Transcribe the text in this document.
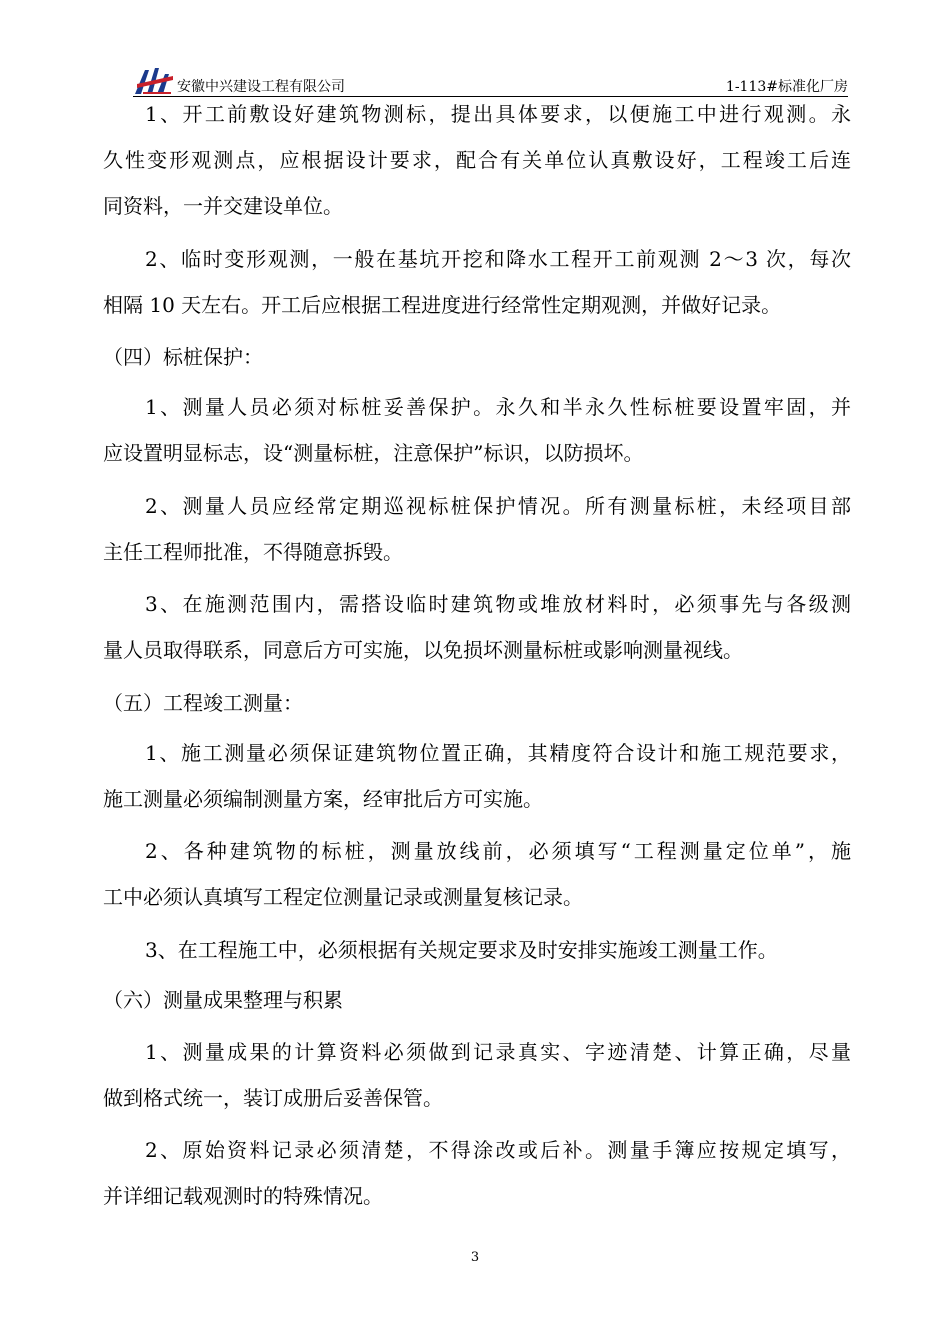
安徽中兴建设工程有限公司	1-113#标准化厂房
1、开工前敷设好建筑物测标，提出具体要求，以便施工中进行观测。永
久性变形观测点，应根据设计要求，配合有关单位认真敷设好，工程竣工后连
同资料，一并交建设单位。
2、临时变形观测，一般在基坑开挖和降水工程开工前观测 2～3 次，每次
相隔 10 天左右。开工后应根据工程进度进行经常性定期观测，并做好记录。
（四）标桩保护：
1、测量人员必须对标桩妥善保护。永久和半永久性标桩要设置牢固，并
应设置明显标志，设“测量标桩，注意保护”标识，以防损坏。
2、测量人员应经常定期巡视标桩保护情况。所有测量标桩，未经项目部
主任工程师批准，不得随意拆毁。
3、在施测范围内，需搭设临时建筑物或堆放材料时，必须事先与各级测
量人员取得联系，同意后方可实施，以免损坏测量标桩或影响测量视线。
（五）工程竣工测量：
1、施工测量必须保证建筑物位置正确，其精度符合设计和施工规范要求，
施工测量必须编制测量方案，经审批后方可实施。
2、各种建筑物的标桩，测量放线前，必须填写“工程测量定位单”，施
工中必须认真填写工程定位测量记录或测量复核记录。
3、在工程施工中，必须根据有关规定要求及时安排实施竣工测量工作。
（六）测量成果整理与积累
1、测量成果的计算资料必须做到记录真实、字迹清楚、计算正确，尽量
做到格式统一，装订成册后妥善保管。
2、原始资料记录必须清楚，不得涂改或后补。测量手簿应按规定填写，
并详细记载观测时的特殊情况。
3
